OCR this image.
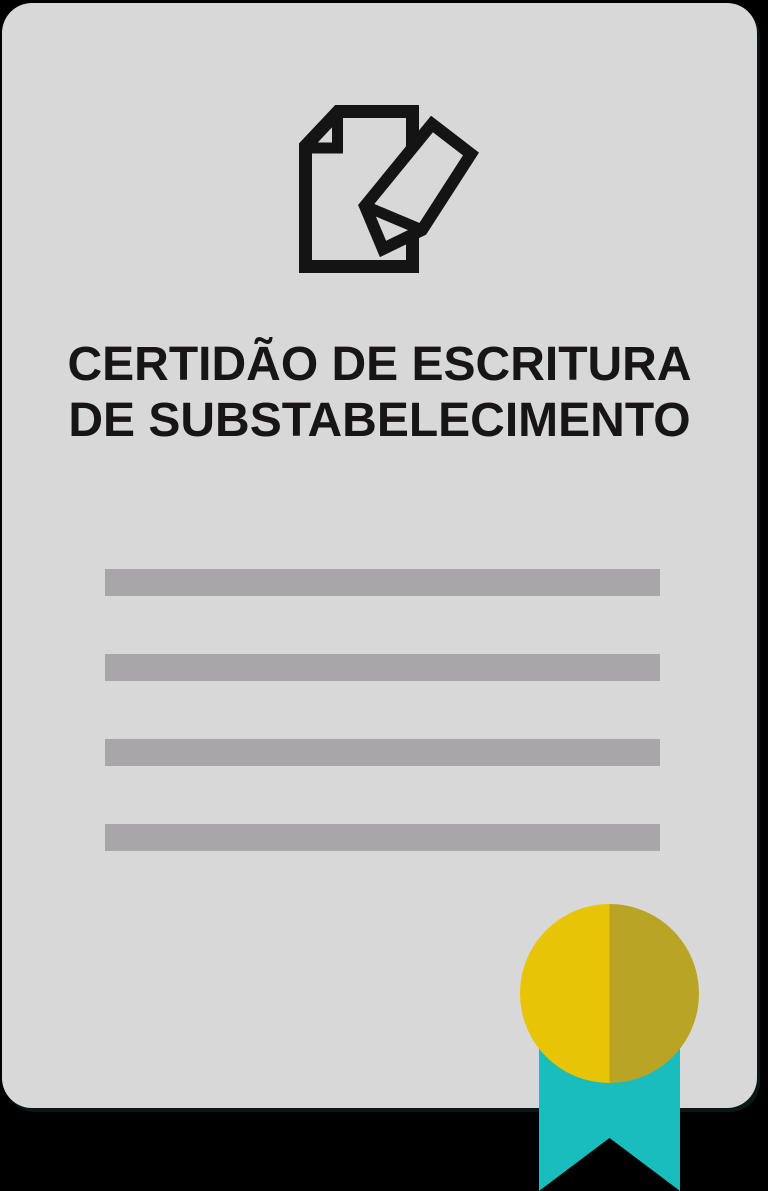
CERTIDÃO DE ESCRITURA
DE SUBSTABELECIMENTO
